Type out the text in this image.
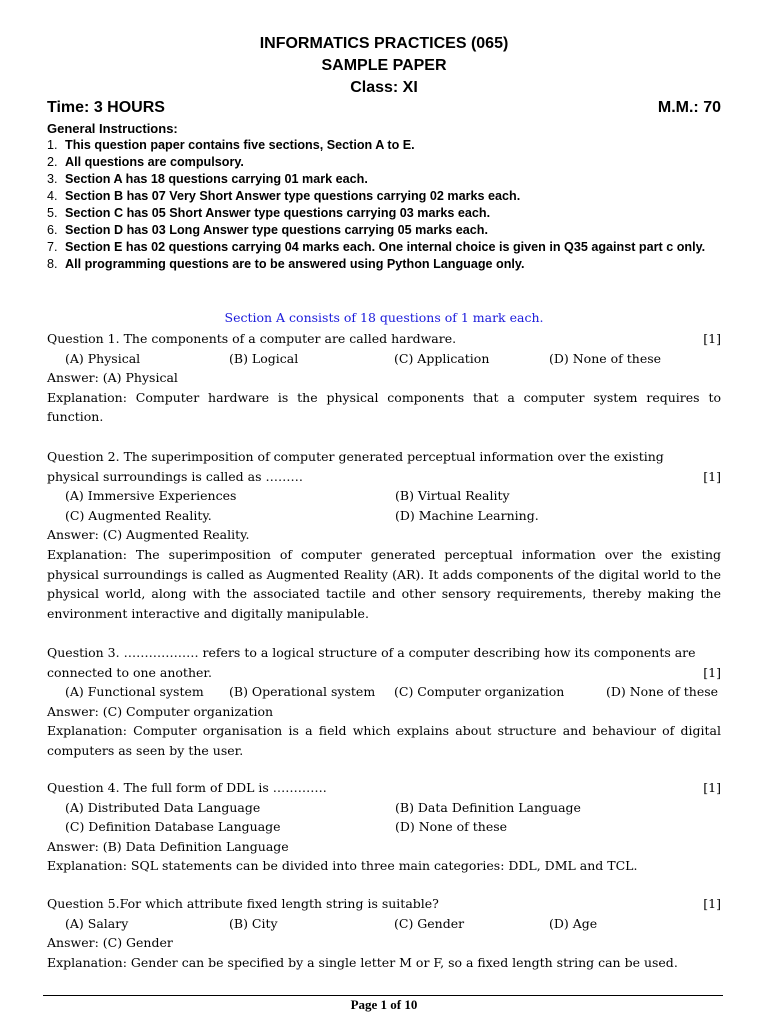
INFORMATICS PRACTICES (065)
SAMPLE PAPER
Class: XI
Time: 3 HOURS	M.M.: 70
General Instructions:
1. This question paper contains five sections, Section A to E.
2. All questions are compulsory.
3. Section A has 18 questions carrying 01 mark each.
4. Section B has 07 Very Short Answer type questions carrying 02 marks each.
5. Section C has 05 Short Answer type questions carrying 03 marks each.
6. Section D has 03 Long Answer type questions carrying 05 marks each.
7. Section E has 02 questions carrying 04 marks each. One internal choice is given in Q35 against part c only.
8. All programming questions are to be answered using Python Language only.
Section A consists of 18 questions of 1 mark each.
Question 1. The components of a computer are called hardware.	[1]
(A) Physical	(B) Logical	(C) Application	(D) None of these
Answer: (A) Physical
Explanation: Computer hardware is the physical components that a computer system requires to function.
Question 2. The superimposition of computer generated perceptual information over the existing
physical surroundings is called as ………	[1]
(A) Immersive Experiences	(B) Virtual Reality
(C) Augmented Reality.	(D) Machine Learning.
Answer: (C) Augmented Reality.
Explanation: The superimposition of computer generated perceptual information over the existing physical surroundings is called as Augmented Reality (AR). It adds components of the digital world to the physical world, along with the associated tactile and other sensory requirements, thereby making the environment interactive and digitally manipulable.
Question 3. ……………… refers to a logical structure of a computer describing how its components are
connected to one another.	[1]
(A) Functional system	(B) Operational system	(C) Computer organization	(D) None of these
Answer: (C) Computer organization
Explanation: Computer organisation is a field which explains about structure and behaviour of digital computers as seen by the user.
Question 4. The full form of DDL is ………….	[1]
(A) Distributed Data Language	(B) Data Definition Language
(C) Definition Database Language	(D) None of these
Answer: (B) Data Definition Language
Explanation: SQL statements can be divided into three main categories: DDL, DML and TCL.
Question 5.For which attribute fixed length string is suitable?	[1]
(A) Salary	(B) City	(C) Gender	(D) Age
Answer: (C) Gender
Explanation: Gender can be specified by a single letter M or F, so a fixed length string can be used.
Page 1 of 10
